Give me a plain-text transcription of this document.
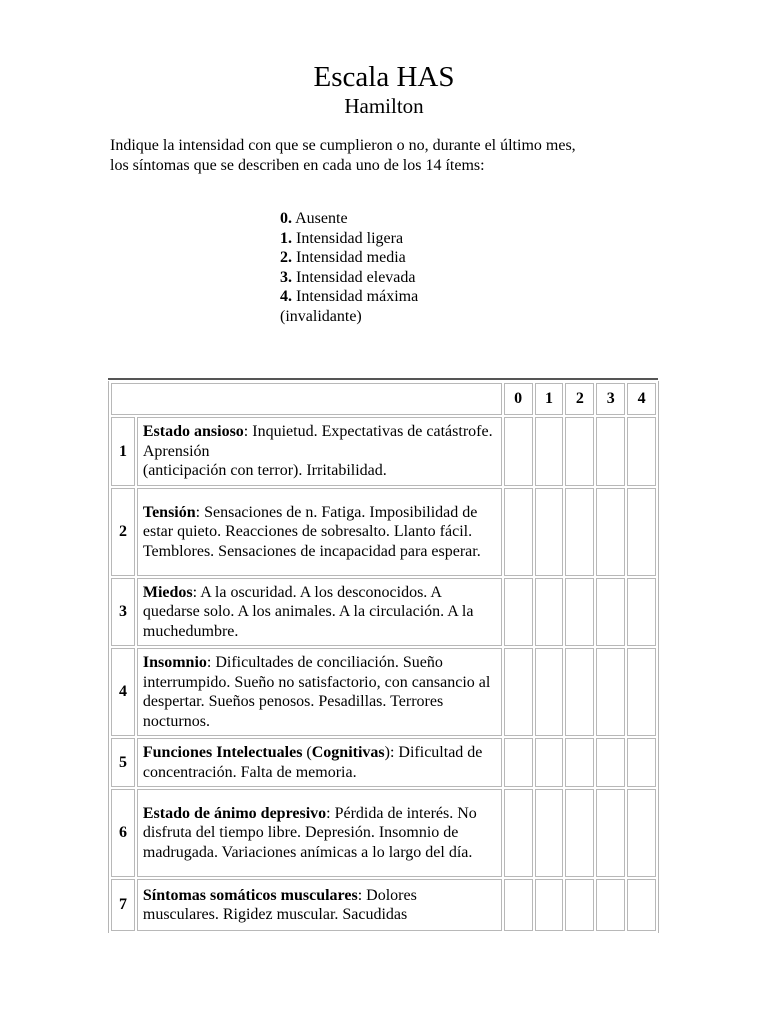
Escala HAS
Hamilton
Indique la intensidad con que se cumplieron o no, durante el último mes,
los síntomas que se describen en cada uno de los 14 ítems:
0. Ausente
1. Intensidad ligera
2. Intensidad media
3. Intensidad elevada
4. Intensidad máxima
(invalidante)
		0	1	2	3	4
1	Estado ansioso: Inquietud. Expectativas de catástrofe. Aprensión
(anticipación con terror). Irritabilidad.					
2	Tensión: Sensaciones de n. Fatiga. Imposibilidad de estar quieto. Reacciones de sobresalto. Llanto fácil. Temblores. Sensaciones de incapacidad para esperar.					
3	Miedos: A la oscuridad. A los desconocidos. A quedarse solo. A los animales. A la circulación. A la muchedumbre.					
4	Insomnio: Dificultades de conciliación. Sueño interrumpido. Sueño no satisfactorio, con cansancio al despertar. Sueños penosos. Pesadillas. Terrores nocturnos.					
5	Funciones Intelectuales (Cognitivas): Dificultad de concentración. Falta de memoria.					
6	Estado de ánimo depresivo: Pérdida de interés. No disfruta del tiempo libre. Depresión. Insomnio de madrugada. Variaciones anímicas a lo largo del día.					
7	Síntomas somáticos musculares: Dolores musculares. Rigidez muscular. Sacudidas					
